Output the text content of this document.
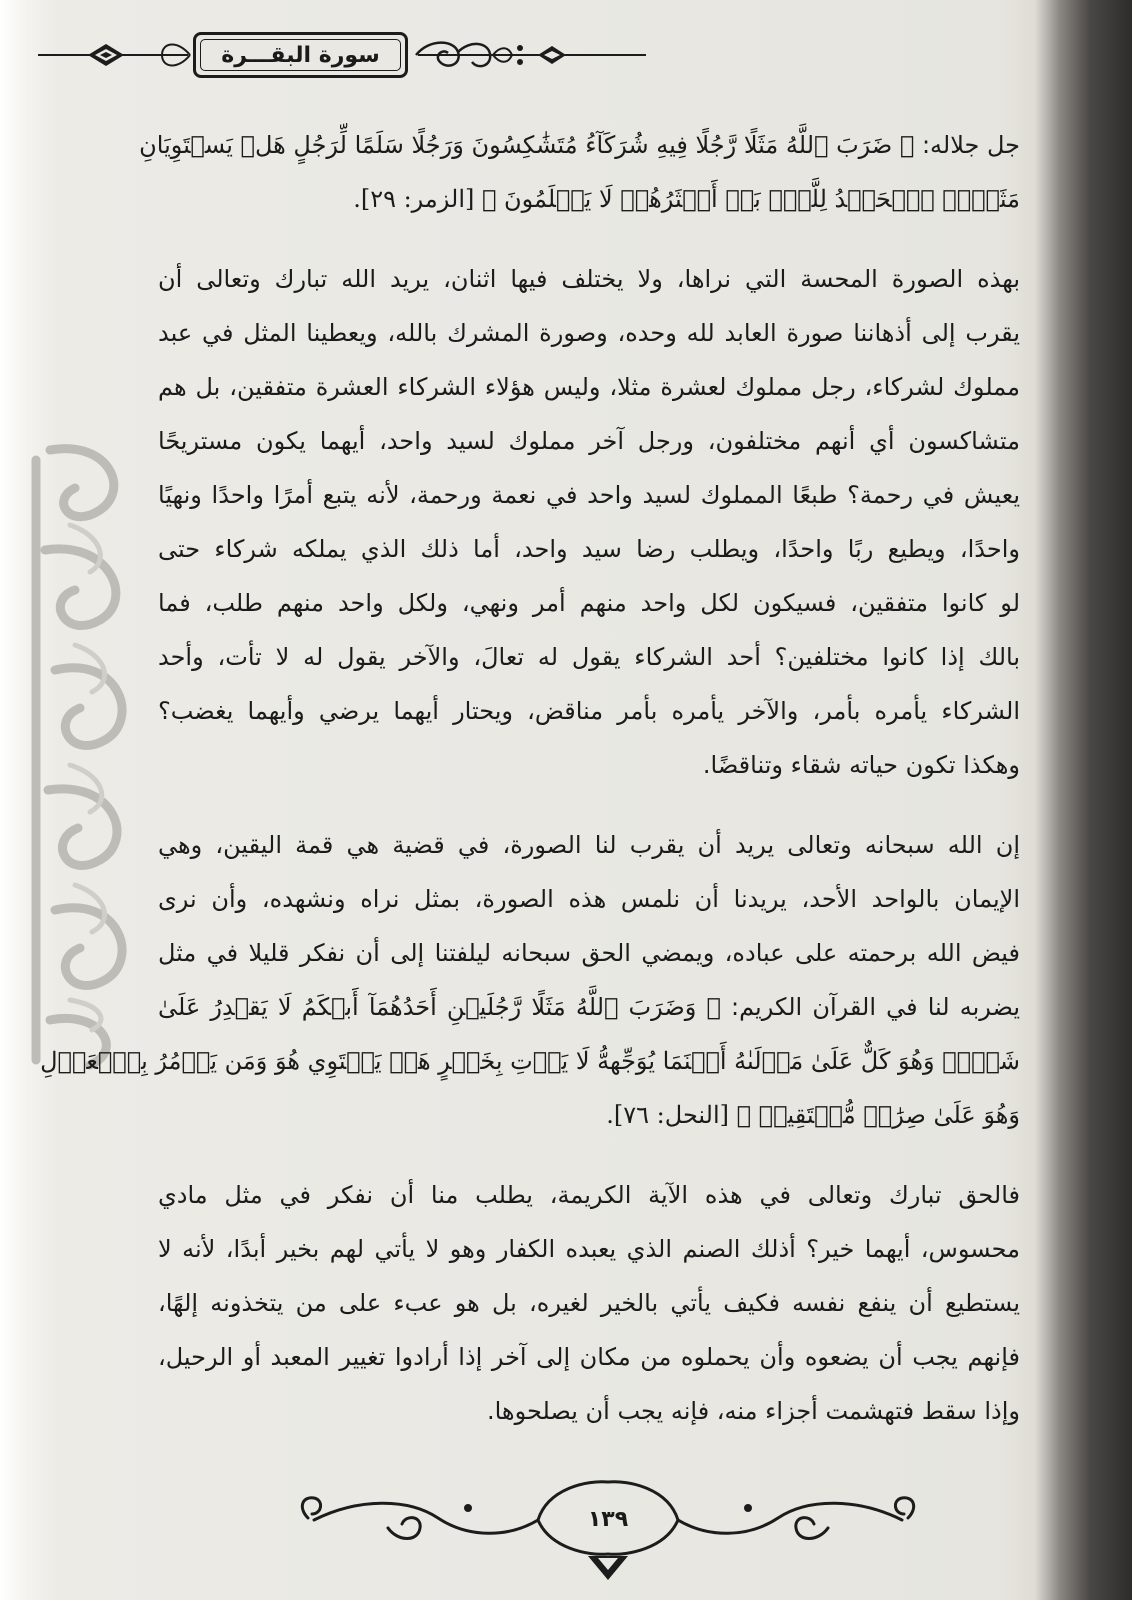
سورة البقـــرة
جل جلاله: ﴿ ضَرَبَ ٱللَّهُ مَثَلًا رَّجُلًا فِيهِ شُرَكَآءُ مُتَشَٰكِسُونَ وَرَجُلًا سَلَمًا لِّرَجُلٍ هَلۡ يَسۡتَوِيَانِ
مَثَلًاۚ ٱلۡحَمۡدُ لِلَّهِۚ بَلۡ أَكۡثَرُهُمۡ لَا يَعۡلَمُونَ ﴾ [الزمر: ٢٩].
بهذه الصورة المحسة التي نراها، ولا يختلف فيها اثنان، يريد الله تبارك وتعالى أن
يقرب إلى أذهاننا صورة العابد لله وحده، وصورة المشرك بالله، ويعطينا المثل في عبد
مملوك لشركاء، رجل مملوك لعشرة مثلا، وليس هؤلاء الشركاء العشرة متفقين، بل هم
متشاكسون أي أنهم مختلفون، ورجل آخر مملوك لسيد واحد، أيهما يكون مستريحًا
يعيش في رحمة؟ طبعًا المملوك لسيد واحد في نعمة ورحمة، لأنه يتبع أمرًا واحدًا ونهيًا
واحدًا، ويطيع ربًا واحدًا، ويطلب رضا سيد واحد، أما ذلك الذي يملكه شركاء حتى
لو كانوا متفقين، فسيكون لكل واحد منهم أمر ونهي، ولكل واحد منهم طلب، فما
بالك إذا كانوا مختلفين؟ أحد الشركاء يقول له تعالَ، والآخر يقول له لا تأت، وأحد
الشركاء يأمره بأمر، والآخر يأمره بأمر مناقض، ويحتار أيهما يرضي وأيهما يغضب؟
وهكذا تكون حياته شقاء وتناقضًا.
إن الله سبحانه وتعالى يريد أن يقرب لنا الصورة، في قضية هي قمة اليقين، وهي
الإيمان بالواحد الأحد، يريدنا أن نلمس هذه الصورة، بمثل نراه ونشهده، وأن نرى
فيض الله برحمته على عباده، ويمضي الحق سبحانه ليلفتنا إلى أن نفكر قليلا في مثل
يضربه لنا في القرآن الكريم: ﴿ وَضَرَبَ ٱللَّهُ مَثَلًا رَّجُلَيۡنِ أَحَدُهُمَآ أَبۡكَمُ لَا يَقۡدِرُ عَلَىٰ
شَيۡءٖ وَهُوَ كَلٌّ عَلَىٰ مَوۡلَىٰهُ أَيۡنَمَا يُوَجِّههُّ لَا يَأۡتِ بِخَيۡرٍ هَلۡ يَسۡتَوِي هُوَ وَمَن يَأۡمُرُ بِٱلۡعَدۡلِ
وَهُوَ عَلَىٰ صِرَٰطٖ مُّسۡتَقِيمٖ ﴾ [النحل: ٧٦].
فالحق تبارك وتعالى في هذه الآية الكريمة، يطلب منا أن نفكر في مثل مادي
محسوس، أيهما خير؟ أذلك الصنم الذي يعبده الكفار وهو لا يأتي لهم بخير أبدًا، لأنه لا
يستطيع أن ينفع نفسه فكيف يأتي بالخير لغيره، بل هو عبء على من يتخذونه إلهًا،
فإنهم يجب أن يضعوه وأن يحملوه من مكان إلى آخر إذا أرادوا تغيير المعبد أو الرحيل،
وإذا سقط فتهشمت أجزاء منه، فإنه يجب أن يصلحوها.
١٣٩
